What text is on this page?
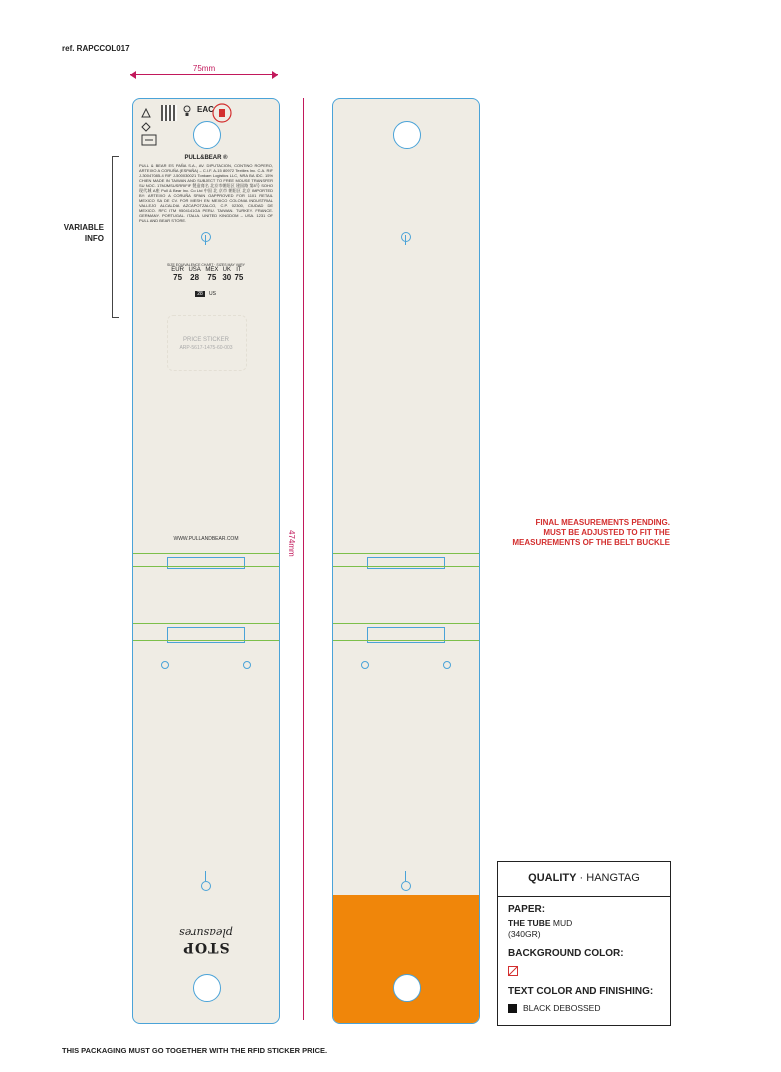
ref. RAPCCOL017
75mm
VARIABLE INFO
EAC
PULL&BEAR ®
PULL & BEAR ES PAÑA S.A., AV. DIPUTACION, CONTINO ROPERO, ARTEIXO A CORUÑA (ESPAÑA) – C.I.F. A-15 80972 Textiles Inc. C.A. RIF J-30047085-4 RIF J-500030021 Tonkam Logistics LLC, NRA BA IDC. 15% CHIEN MADE IN TAIWAN AND SUBJECT TO FREE MOUSE TRANSFER SU NOC. 17MJMSUSRRIFIF 製造商名 北京市朝阳区 建国路 第8号 SOHO现代城 A座 Pull & Bear Inc. Co Ltd 中国 北 京市 朝阳区 北京 IMPORTED BY: ARTEIXO A CORUÑA SPAIN OAPPROVED FOR 1101 RETAIL MEXICO SA DE CV. FOR MESH EN MEXICO COLONIA INDUSTRIAL VALLEJO ALCALDIA AZCAPOTZALCO, C.P. 02300, CIUDAD DE MEXICO. RFC ITM 9504141GA PERU. TAIWAN. TURKEY. FRANCE. GERMANY. PORTUGAL. ITALIA. UNITED KINGDOM – USA. 1231 OF PULL AND BEAR STORE.
SIZE EQUIVALENCE CHART · SIZES MAY VARY
EUR	USA	MEX	UK	IT
75	28	75	30	75
28	US
PRICE STICKER
ARP-5617-1475-60-003
WWW.PULLANDBEAR.COM
STOP
pleasures
474mm
FINAL MEASUREMENTS PENDING.
MUST BE ADJUSTED TO FIT THE
MEASUREMENTS OF THE BELT BUCKLE
QUALITY · HANGTAG
PAPER:
THE TUBE MUD
(340GR)
BACKGROUND COLOR:
TEXT COLOR AND FINISHING:
BLACK DEBOSSED
THIS PACKAGING MUST GO TOGETHER WITH THE RFID STICKER PRICE.
